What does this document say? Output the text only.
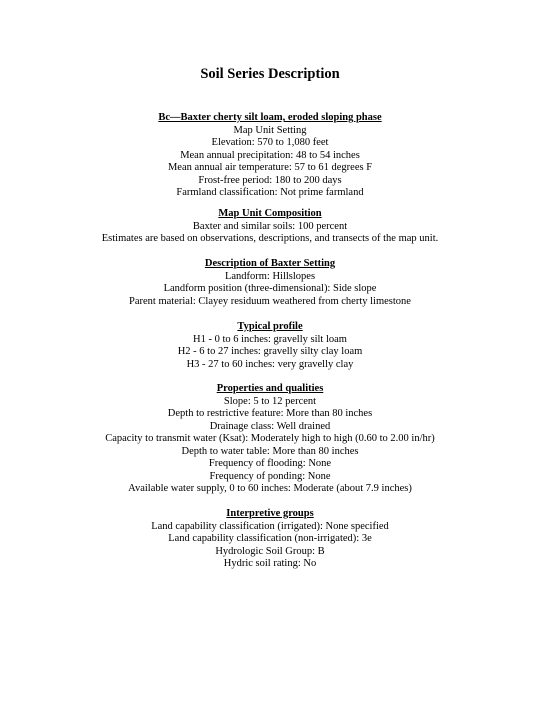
Soil Series Description
Bc—Baxter cherty silt loam, eroded sloping phase
Map Unit Setting
Elevation: 570 to 1,080 feet
Mean annual precipitation: 48 to 54 inches
Mean annual air temperature: 57 to 61 degrees F
Frost-free period: 180 to 200 days
Farmland classification: Not prime farmland
Map Unit Composition
Baxter and similar soils: 100 percent
Estimates are based on observations, descriptions, and transects of the map unit.
Description of Baxter Setting
Landform: Hillslopes
Landform position (three-dimensional): Side slope
Parent material: Clayey residuum weathered from cherty limestone
Typical profile
H1 - 0 to 6 inches: gravelly silt loam
H2 - 6 to 27 inches: gravelly silty clay loam
H3 - 27 to 60 inches: very gravelly clay
Properties and qualities
Slope: 5 to 12 percent
Depth to restrictive feature: More than 80 inches
Drainage class: Well drained
Capacity to transmit water (Ksat): Moderately high to high (0.60 to 2.00 in/hr)
Depth to water table: More than 80 inches
Frequency of flooding: None
Frequency of ponding: None
Available water supply, 0 to 60 inches: Moderate (about 7.9 inches)
Interpretive groups
Land capability classification (irrigated): None specified
Land capability classification (non-irrigated): 3e
Hydrologic Soil Group: B
Hydric soil rating: No
